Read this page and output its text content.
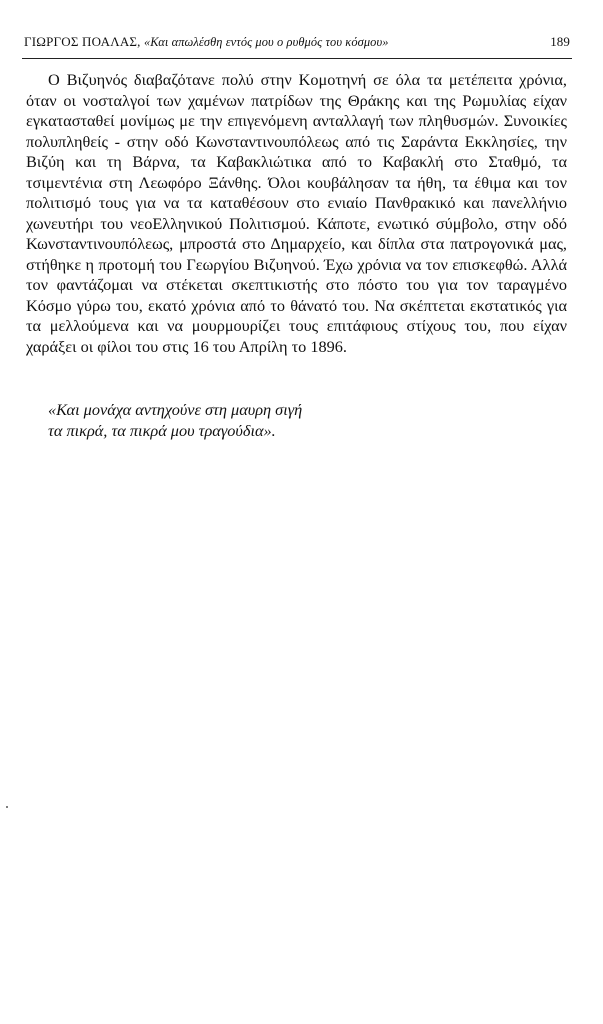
ΓΙΩΡΓΟΣ ΠΟΑΛΑΣ, «Και απωλέσθη εντός μου ο ρυθμός του κόσμου»	189

Ο Βιζυηνός διαβαζότανε πολύ στην Κομοτηνή σε όλα τα μετέπειτα χρόνια, όταν οι νοσταλγοί των χαμένων πατρίδων της Θράκης και της Ρωμυλίας είχαν εγκατασταθεί μονίμως με την επιγενόμενη ανταλλαγή των πληθυσμών. Συνοικίες πολυπληθείς - στην οδό Κωνσταντινουπόλεως από τις Σαράντα Εκκλησίες, την Βιζύη και τη Βάρνα, τα Καβακλιώτικα από το Καβακλή στο Σταθμό, τα τσιμεντένια στη Λεωφόρο Ξάνθης. Όλοι κουβάλησαν τα ήθη, τα έθιμα και τον πολιτισμό τους για να τα καταθέσουν στο ενιαίο Πανθρακικό και πανελλήνιο χωνευτήρι του νεοΕλληνικού Πολιτισμού. Κάποτε, ενωτικό σύμβολο, στην οδό Κωνσταντινουπόλεως, μπροστά στο Δημαρχείο, και δίπλα στα πατρογονικά μας, στήθηκε η προτομή του Γεωργίου Βιζυηνού. Έχω χρόνια να τον επισκεφθώ. Αλλά τον φαντάζομαι να στέκεται σκεπτικιστής στο πόστο του για τον ταραγμένο Κόσμο γύρω του, εκατό χρόνια από το θάνατό του. Να σκέπτεται εκστατικός για τα μελλούμενα και να μουρμουρίζει τους επιτάφιους στίχους του, που είχαν χαράξει οι φίλοι του στις 16 του Απρίλη το 1896.

«Και μονάχα αντηχούνε στη μαυρη σιγή
τα πικρά, τα πικρά μου τραγούδια».
